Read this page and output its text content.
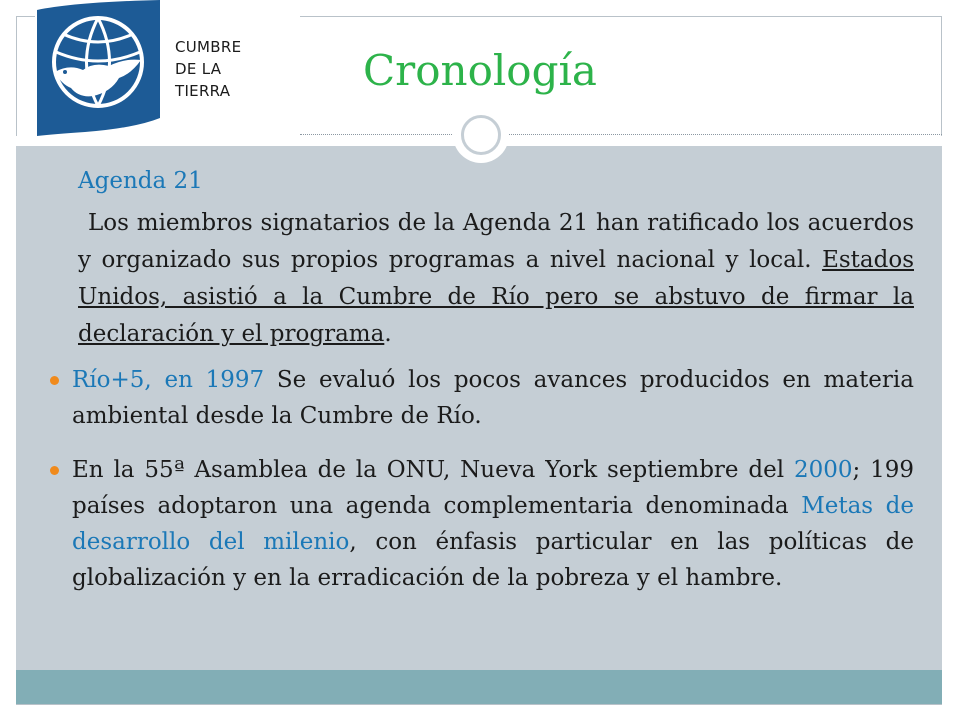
CUMBRE
DE LA
TIERRA	Cronología
Agenda 21
Los miembros signatarios de la Agenda 21 han ratificado los acuerdos y organizado sus propios programas a nivel nacional y local. Estados Unidos, asistió a la Cumbre de Río pero se abstuvo de firmar la declaración y el programa.
Río+5, en 1997 Se evaluó los pocos avances producidos en materia ambiental desde la Cumbre de Río.
En la 55ª Asamblea de la ONU, Nueva York septiembre del 2000; 199 países adoptaron una agenda complementaria denominada Metas de desarrollo del milenio, con énfasis particular en las políticas de globalización y en la erradicación de la pobreza y el hambre.
